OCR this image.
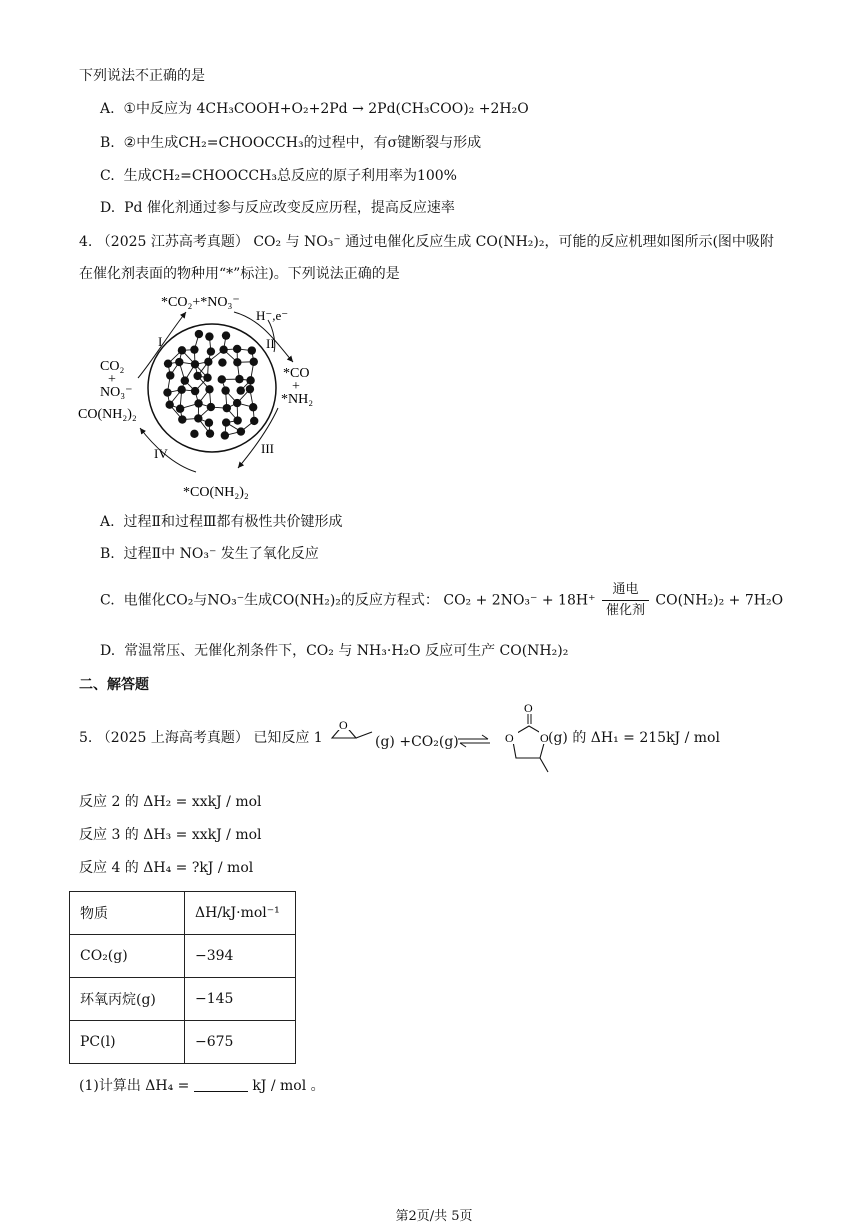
下列说法不正确的是
A. ①中反应为 4CH₃COOH+O₂+2Pd → 2Pd(CH₃COO)₂ +2H₂O
B. ②中生成CH₂=CHOOCCH₃的过程中，有σ键断裂与形成
C. 生成CH₂=CHOOCCH₃总反应的原子利用率为100%
D. Pd 催化剂通过参与反应改变反应历程，提高反应速率
4. （2025 江苏高考真题） CO₂ 与 NO₃⁻ 通过电催化反应生成 CO(NH₂)₂，可能的反应机理如图所示(图中吸附
在催化剂表面的物种用“*”标注)。下列说法正确的是
*CO₂+*NO₃⁻
H⁻,e⁻
CO₂
+
NO₃⁻
CO(NH₂)₂
*CO
+
*NH₂
*CO(NH₂)₂
I	II
III
IV
A. 过程Ⅱ和过程Ⅲ都有极性共价键形成
B. 过程Ⅱ中 NO₃⁻ 发生了氧化反应
C. 电催化CO₂与NO₃⁻生成CO(NH₂)₂的反应方程式： $CO_2 + 2NO_3^- + 18H^+ \frac{\text{通电}}{\text{催化剂}} CO(NH_2)_2 + 7H_2O$
D. 常温常压、无催化剂条件下，CO₂ 与 NH₃·H₂O 反应可生产 CO(NH₂)₂
二、解答题
5. （2025 上海高考真题） 已知反应 1
O
(g) +CO₂(g)
O
O O (g) 的 ΔH₁ = 215kJ / mol
反应 2 的 ΔH₂ = xxkJ / mol
反应 3 的 ΔH₃ = xxkJ / mol
反应 4 的 ΔH₄ = ?kJ / mol
物质	ΔH/kJ·mol⁻¹
CO₂(g)	−394
环氧丙烷(g)	−145
PC(l)	−675
(1)计算出 ΔH₄ =	kJ / mol 。
第2页/共 5页
